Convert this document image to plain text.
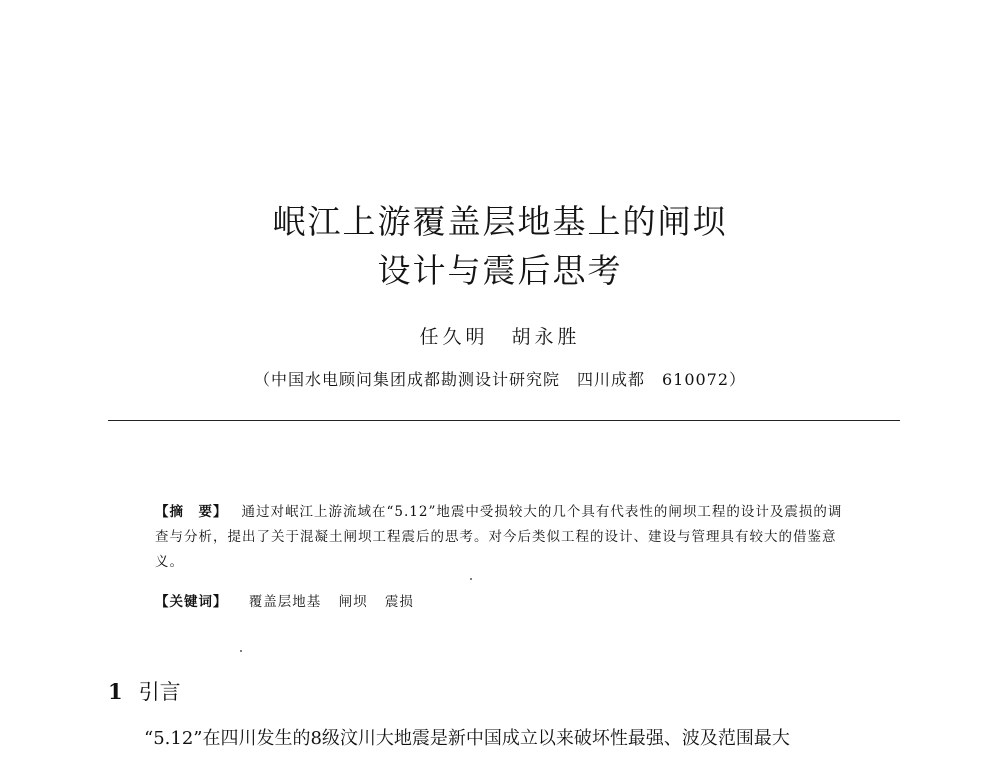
岷江上游覆盖层地基上的闸坝
设计与震后思考
任久明　胡永胜
（中国水电顾问集团成都勘测设计研究院　四川成都　610072）
【摘　要】 通过对岷江上游流域在“5.12”地震中受损较大的几个具有代表性的闸坝工程的设计及震损的调查与分析，提出了关于混凝土闸坝工程震后的思考。对今后类似工程的设计、建设与管理具有较大的借鉴意义。
【关键词】 覆盖层地基 闸坝 震损
1 引言
“5.12”在四川发生的8级汶川大地震是新中国成立以来破坏性最强、波及范围最大
